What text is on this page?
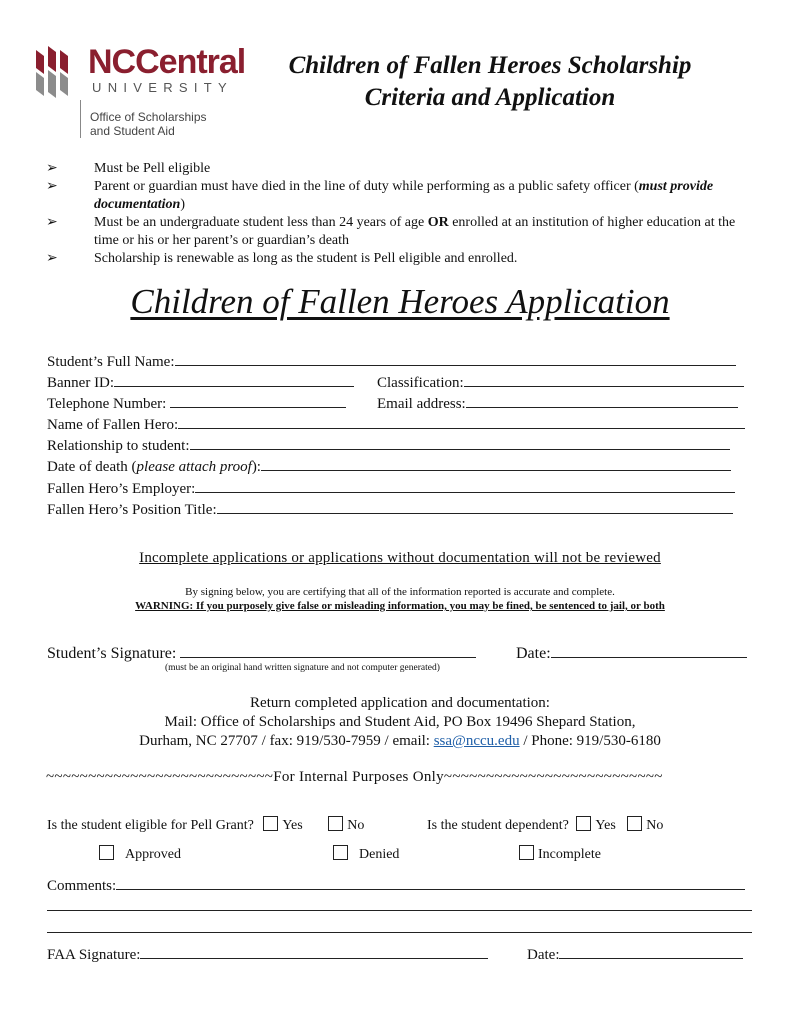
NCCentral
UNIVERSITY
Office of Scholarships
and Student Aid
Children of Fallen Heroes Scholarship
Criteria and Application
➢	Must be Pell eligible
➢	Parent or guardian must have died in the line of duty while performing as a public safety officer (must provide documentation)
➢	Must be an undergraduate student less than 24 years of age OR enrolled at an institution of higher education at the time or his or her parent’s or guardian’s death
➢	Scholarship is renewable as long as the student is Pell eligible and enrolled.
Children of Fallen Heroes Application
Student’s Full Name:
Banner ID:	Classification:
Telephone Number:	Email address:
Name of Fallen Hero:
Relationship to student:
Date of death (please attach proof):
Fallen Hero’s Employer:
Fallen Hero’s Position Title:
Incomplete applications or applications without documentation will not be reviewed
By signing below, you are certifying that all of the information reported is accurate and complete.
WARNING: If you purposely give false or misleading information, you may be fined, be sentenced to jail, or both
Student’s Signature:
(must be an original hand written signature and not computer generated)
Date:
Return completed application and documentation:
Mail: Office of Scholarships and Student Aid, PO Box 19496 Shepard Station,
Durham, NC 27707 / fax: 919/530-7959 / email: ssa@nccu.edu / Phone: 919/530-6180
~~~~~~~~~~~~~~~~~~~~~~~~~~~For Internal Purposes Only~~~~~~~~~~~~~~~~~~~~~~~~~~
Is the student eligible for Pell Grant? Yes	No	Is the student dependent? Yes No
Approved	Denied	Incomplete
Comments:
FAA Signature:	Date:
